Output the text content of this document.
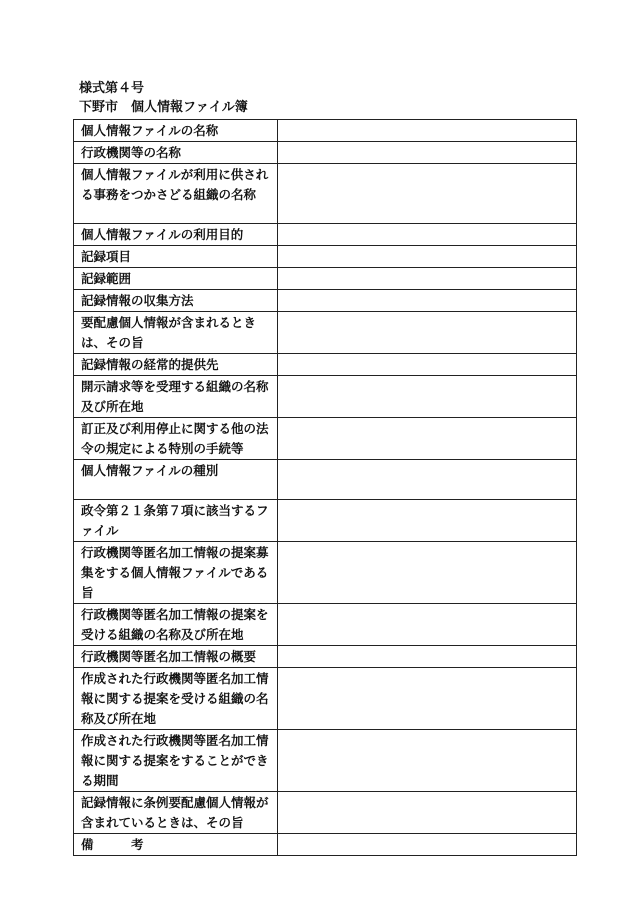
様式第４号
下野市　個人情報ファイル簿
個人情報ファイルの名称	
行政機関等の名称	
個人情報ファイルが利用に供される事務をつかさどる組織の名称	
個人情報ファイルの利用目的	
記録項目	
記録範囲	
記録情報の収集方法	
要配慮個人情報が含まれるときは、その旨	
記録情報の経常的提供先	
開示請求等を受理する組織の名称及び所在地	
訂正及び利用停止に関する他の法令の規定による特別の手続等	
個人情報ファイルの種別	
政令第２１条第７項に該当するファイル	
行政機関等匿名加工情報の提案募集をする個人情報ファイルである旨	
行政機関等匿名加工情報の提案を受ける組織の名称及び所在地	
行政機関等匿名加工情報の概要	
作成された行政機関等匿名加工情報に関する提案を受ける組織の名称及び所在地	
作成された行政機関等匿名加工情報に関する提案をすることができる期間	
記録情報に条例要配慮個人情報が含まれているときは、その旨	
備　　　考	
